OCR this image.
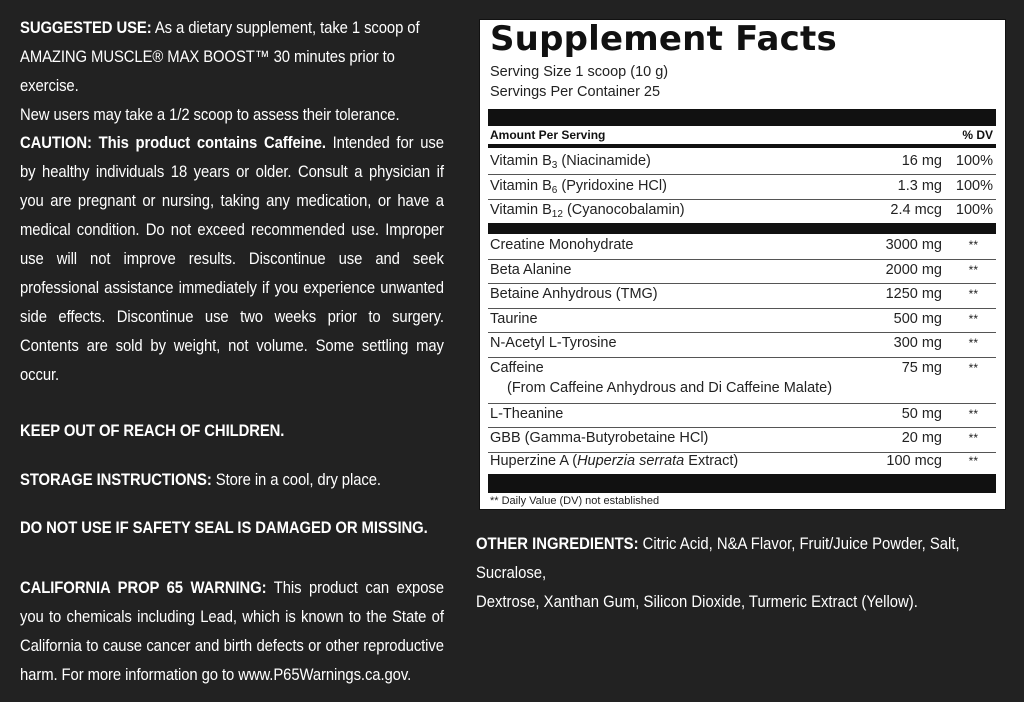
SUGGESTED USE: As a dietary supplement, take 1 scoop of
AMAZING MUSCLE® MAX BOOST™ 30 minutes prior to exercise.
New users may take a 1/2 scoop to assess their tolerance.

CAUTION: This product contains Caffeine. Intended for use by healthy individuals 18 years or older. Consult a physician if you are pregnant or nursing, taking any medication, or have a medical condition. Do not exceed recommended use. Improper use will not improve results. Discontinue use and seek professional assistance immediately if you experience unwanted side effects. Discontinue use two weeks prior to surgery. Contents are sold by weight, not volume. Some settling may occur.

KEEP OUT OF REACH OF CHILDREN.

STORAGE INSTRUCTIONS: Store in a cool, dry place.

DO NOT USE IF SAFETY SEAL IS DAMAGED OR MISSING.

CALIFORNIA PROP 65 WARNING: This product can expose you to chemicals including Lead, which is known to the State of California to cause cancer and birth defects or other reproductive harm. For more information go to www.P65Warnings.ca.gov.

Supplement Facts
Serving Size 1 scoop (10 g)
Servings Per Container 25
Amount Per Serving	% DV
Vitamin $B_3$ (Niacinamide)	16 mg 100%
Vitamin $B_6$ (Pyridoxine HCl)	1.3 mg 100%
Vitamin $B_{12}$ (Cyanocobalamin)	2.4 mcg 100%
Creatine Monohydrate	3000 mg **
Beta Alanine	2000 mg **
Betaine Anhydrous (TMG)	1250 mg **
Taurine	500 mg **
N-Acetyl L-Tyrosine	300 mg **
Caffeine	75 mg **
(From Caffeine Anhydrous and Di Caffeine Malate)
L-Theanine	50 mg **
GBB (Gamma-Butyrobetaine HCl)	20 mg **
Huperzine A (Huperzia serrata Extract)	100 mcg **
** Daily Value (DV) not established
OTHER INGREDIENTS: Citric Acid, N&A Flavor, Fruit/Juice Powder, Salt, Sucralose,
Dextrose, Xanthan Gum, Silicon Dioxide, Turmeric Extract (Yellow).
